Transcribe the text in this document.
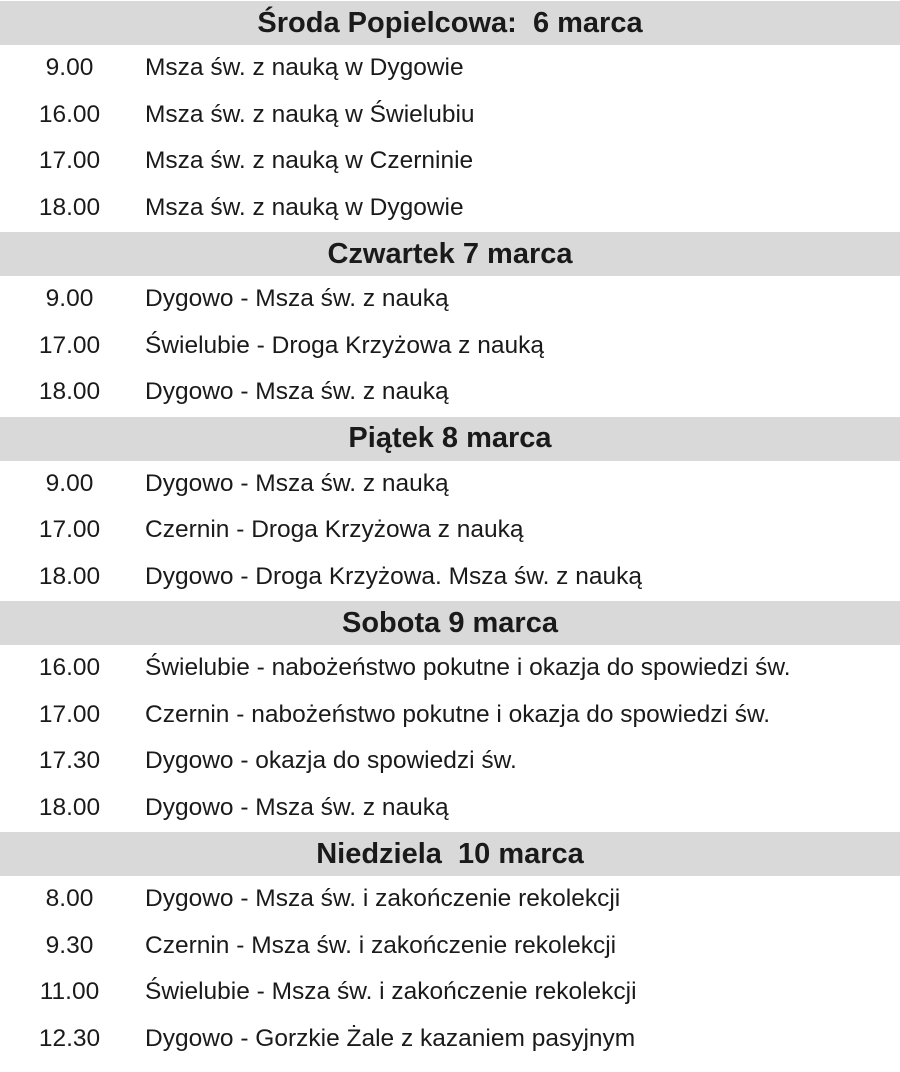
Środa Popielcowa:  6 marca
9.00	Msza św. z nauką w Dygowie
16.00	Msza św. z nauką w Świelubiu
17.00	Msza św. z nauką w Czerninie
18.00	Msza św. z nauką w Dygowie
Czwartek 7 marca
9.00	Dygowo - Msza św. z nauką
17.00	Świelubie - Droga Krzyżowa z nauką
18.00	Dygowo - Msza św. z nauką
Piątek 8 marca
9.00	Dygowo - Msza św. z nauką
17.00	Czernin - Droga Krzyżowa z nauką
18.00	Dygowo - Droga Krzyżowa. Msza św. z nauką
Sobota 9 marca
16.00	Świelubie - nabożeństwo pokutne i okazja do spowiedzi św.
17.00	Czernin - nabożeństwo pokutne i okazja do spowiedzi św.
17.30	Dygowo - okazja do spowiedzi św.
18.00	Dygowo - Msza św. z nauką
Niedziela  10 marca
8.00	Dygowo - Msza św. i zakończenie rekolekcji
9.30	Czernin - Msza św. i zakończenie rekolekcji
11.00	Świelubie - Msza św. i zakończenie rekolekcji
12.30	Dygowo - Gorzkie Żale z kazaniem pasyjnym
